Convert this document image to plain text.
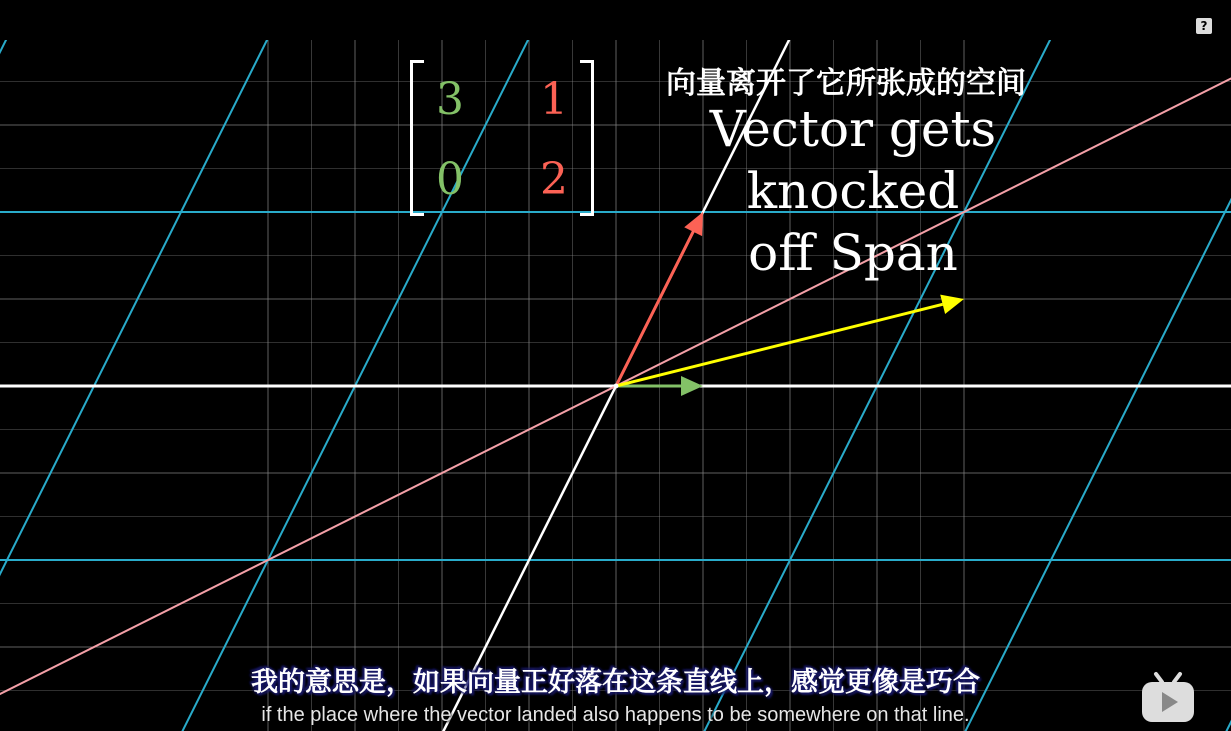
3 1
0 2
向量离开了它所张成的空间
Vector gets knocked
off Span
?
我的意思是，如果向量正好落在这条直线上，感觉更像是巧合
if the place where the vector landed also happens to be somewhere on that line.
